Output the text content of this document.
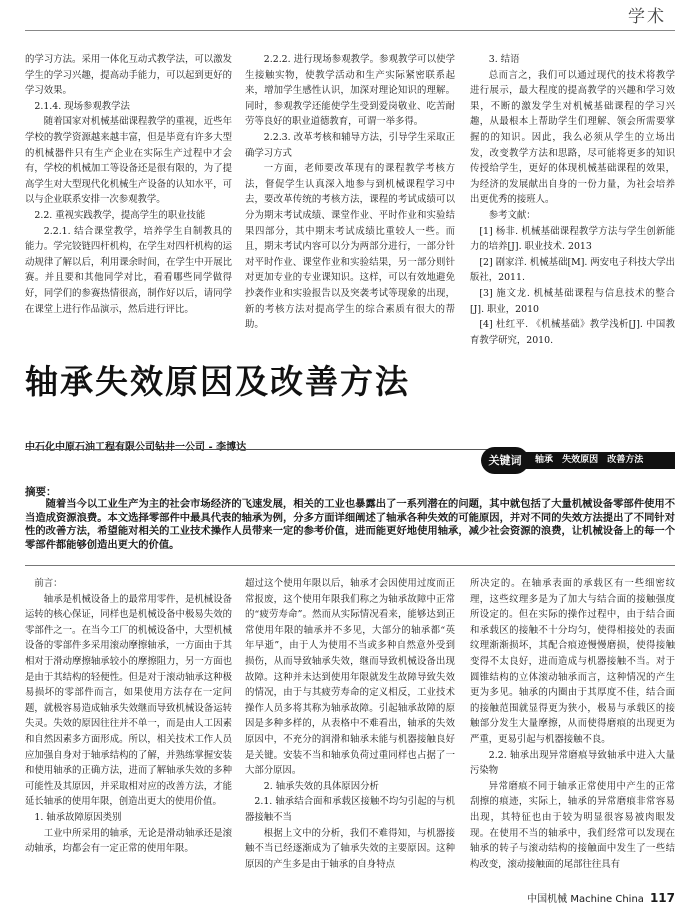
学术

的学习方法。采用一体化互动式教学法，可以激发学生的学习兴趣，提高动手能力，可以起到更好的学习效果。

2.1.4. 现场参观教学法

随着国家对机械基础课程教学的重视，近些年学校的教学资源越来越丰富，但是毕竟有许多大型的机械器件只有生产企业在实际生产过程中才会有，学校的机械加工等设备还是很有限的，为了提高学生对大型现代化机械生产设备的认知水平，可以与企业联系安排一次参观教学。

2.2. 重视实践教学，提高学生的职业技能

2.2.1. 结合课堂教学，培养学生自制教具的能力。学完铰链四杆机构，在学生对四杆机构的运动规律了解以后，利用课余时间，在学生中开展比赛。并且要和其他同学对比，看看哪些同学做得好，同学们的参赛热情很高，制作好以后，请同学在课堂上进行作品演示，然后进行评比。

2.2.2. 进行现场参观教学。参观教学可以使学生接触实物，使教学活动和生产实际紧密联系起来，增加学生感性认识，加深对理论知识的理解。同时，参观教学还能使学生受到爱岗敬业、吃苦耐劳等良好的职业道德教育，可谓一举多得。

2.2.3. 改革考核和辅导方法，引导学生采取正确学习方式

一方面，老师要改革现有的课程教学考核方法，督促学生认真深入地参与到机械课程学习中去，要改革传统的考核方法，课程的考试成绩可以分为期末考试成绩、课堂作业、平时作业和实验结果四部分，其中期末考试成绩比重较人一些。而且，期末考试内容可以分为两部分进行，一部分针对平时作业、课堂作业和实验结果，另一部分则针对更加专业的专业课知识。这样，可以有效地避免抄袭作业和实验报告以及突袭考试等现象的出现，新的考核方法对提高学生的综合素质有很大的帮助。

3. 结语

总而言之，我们可以通过现代的技术将教学进行展示，最大程度的提高教学的兴趣和学习效果，不断的激发学生对机械基础课程的学习兴趣，从最根本上帮助学生们理解、领会所需要掌握的的知识。因此，我么必须从学生的立场出发，改变教学方法和思路，尽可能将更多的知识传授给学生，更好的体现机械基础课程的效果，为经济的发展献出自身的一份力量，为社会培养出更优秀的接班人。

参考文献：

[1] 杨非. 机械基础课程教学方法与学生创新能力的培养[J]. 职业技术. 2013

[2] 剧家洋. 机械基础[M]. 两安电子科技大学出版社，2011.

[3] 施文龙. 机械基础课程与信息技术的整合[J]. 职业，2010

[4] 杜红平. 《机械基础》教学浅析[J]. 中国教育教学研究，2010.

轴承失效原因及改善方法
中石化中原石油工程有限公司钻井一公司 - 李博达
轴承 失效原因 改善方法
关键词
摘要：
随着当今以工业生产为主的社会市场经济的飞速发展，相关的工业也暴露出了一系列潜在的问题，其中就包括了大量机械设备零部件使用不当造成资源浪费。本文选择零部件中最具代表的轴承为例，分多方面详细阐述了轴承各种失效的可能原因，并对不同的失效方法提出了不同针对性的改善方法，希望能对相关的工业技术操作人员带来一定的参考价值，进而能更好地使用轴承，减少社会资源的浪费，让机械设备上的每一个零部件都能够创造出更大的价值。

前言：

轴承是机械设备上的最常用零件，是机械设备运转的核心保证，同样也是机械设备中极易失效的零部件之一。在当今工厂的机械设备中，大型机械设备的零部件多采用滚动摩擦轴承，一方面由于其相对于滑动摩擦轴承较小的摩擦阻力，另一方面也是由于其结构的轻便性。但是对于滚动轴承这种极易损坏的零部件而言，如果使用方法存在一定问题，就极容易造成轴承失效继而导致机械设备运转失灵。失效的原因往往并不单一，而是由人工因素和自然因素多方面形成。所以，相关技术工作人员应加强自身对于轴承结构的了解，并熟练掌握安装和使用轴承的正确方法，进而了解轴承失效的多种可能性及其原因，并采取相对应的改善方法，才能延长轴承的使用年限，创造出更大的使用价值。

1. 轴承故障原因类别

工业中所采用的轴承，无论是滑动轴承还是滚动轴承，均都会有一定正常的使用年限。

超过这个使用年限以后，轴承才会因使用过度而正常报废，这个使用年限我们称之为轴承故障中正常的“疲劳寿命”。然而从实际情况看来，能够达到正常使用年限的轴承并不多见，大部分的轴承都“英年早逝”，由于人为使用不当或多种自然意外受到损伤，从而导致轴承失效，继而导致机械设备出现故障。这种并未达到使用年限就发生故障导致失效的情况，由于与其疲劳寿命的定义相反，工业技术操作人员多将其称为轴承故障。引起轴承故障的原因是多种多样的，从表格中不难看出，轴承的失效原因中，不充分的润滑和轴承未能与机器接触良好是关键。安装不当和轴承负荷过重同样也占据了一大部分原因。

2. 轴承失效的具体原因分析

2.1. 轴承结合面和承载区接触不均匀引起的与机器接触不当

根据上文中的分析，我们不难得知，与机器接触不当已经逐渐成为了轴承失效的主要原因。这种原因的产生多是由于轴承的自身特点

所决定的。在轴承表面的承载区有一些细密纹理，这些纹理多是为了加大与结合面的接触强度所设定的。但在实际的操作过程中，由于结合面和承载区的接触不十分均匀，使得相接处的表面纹理渐渐损坏，其配合痕迹慢慢磨损，使得接触变得不太良好，进而造成与机器接触不当。对于圆锥结构的立体滚动轴承而言，这种情况的产生更为多见。轴承的内圈由于其厚度不佳，结合面的接触范围就显得更为狭小，极易与承载区的接触部分发生大量摩擦，从而使得磨痕的出现更为严重，更易引起与机器接触不良。

2.2. 轴承出现异常磨痕导致轴承中进入大量污染物

异常磨痕不同于轴承正常使用中产生的正常刮擦的痕迹，实际上，轴承的异常磨痕非常容易出现，其特征也由于较为明显很容易被肉眼发现。在使用不当的轴承中，我们经常可以发现在轴承的转子与滚动结构的接触面中发生了一些结构改变，滚动接触面的尾部往往具有

中国机械 Machine China 117
